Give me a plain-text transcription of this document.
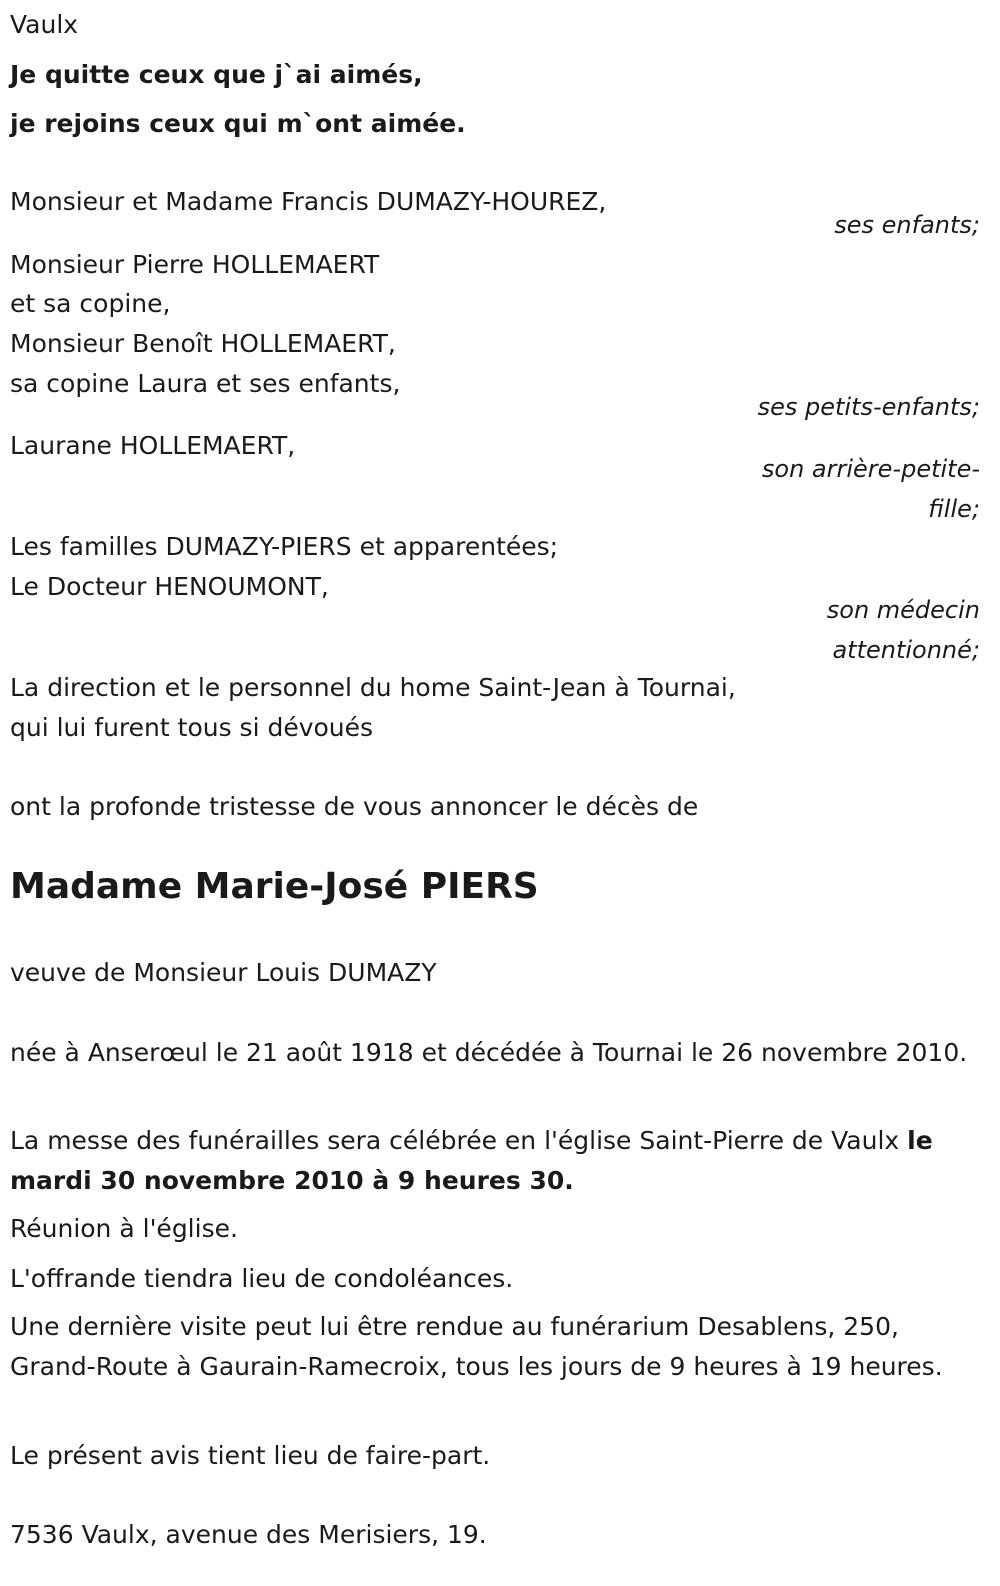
Vaulx
Je quitte ceux que j`ai aimés,
je rejoins ceux qui m`ont aimée.
Monsieur et Madame Francis DUMAZY-HOUREZ,
ses enfants;
Monsieur Pierre HOLLEMAERT
et sa copine,
Monsieur Benoît HOLLEMAERT,
sa copine Laura et ses enfants,
ses petits-enfants;
Laurane HOLLEMAERT,
son arrière-petite-
fille;
Les familles DUMAZY-PIERS et apparentées;
Le Docteur HENOUMONT,
son médecin
attentionné;
La direction et le personnel du home Saint-Jean à Tournai,
qui lui furent tous si dévoués
ont la profonde tristesse de vous annoncer le décès de
Madame Marie-José PIERS
veuve de Monsieur Louis DUMAZY
née à Anserœul le 21 août 1918 et décédée à Tournai le 26 novembre 2010.
La messe des funérailles sera célébrée en l'église Saint-Pierre de Vaulx le mardi 30 novembre 2010 à 9 heures 30.
Réunion à l'église.
L'offrande tiendra lieu de condoléances.
Une dernière visite peut lui être rendue au funérarium Desablens, 250, Grand-Route à Gaurain-Ramecroix, tous les jours de 9 heures à 19 heures.
Le présent avis tient lieu de faire-part.
7536 Vaulx, avenue des Merisiers, 19.
